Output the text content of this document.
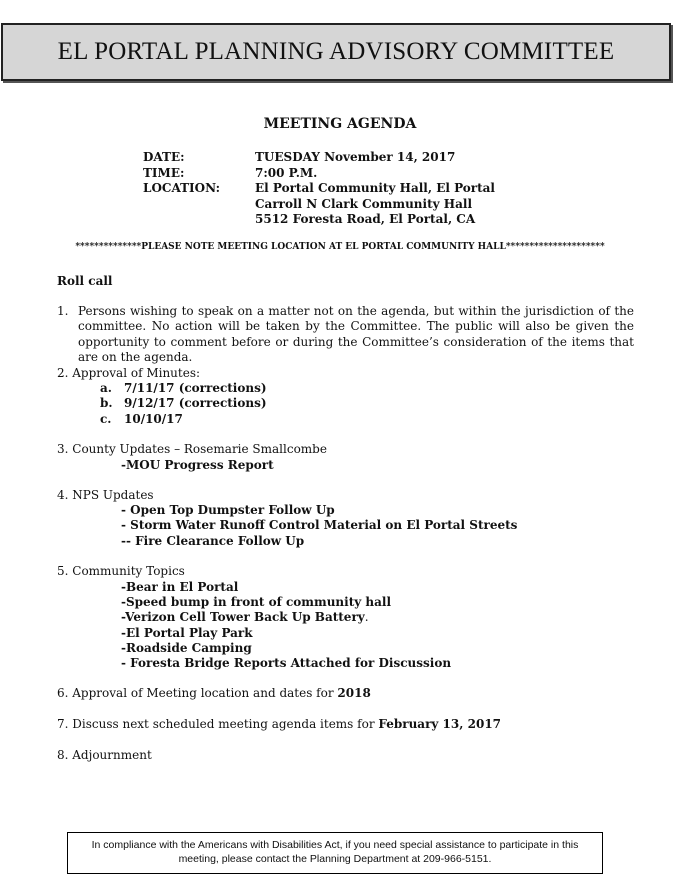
EL PORTAL PLANNING ADVISORY COMMITTEE
MEETING AGENDA
DATE:	TUESDAY November 14, 2017
TIME:	7:00 P.M.
LOCATION:	El Portal Community Hall, El Portal
Carroll N Clark Community Hall
5512 Foresta Road, El Portal, CA
**************PLEASE NOTE MEETING LOCATION AT EL PORTAL COMMUNITY HALL*********************
Roll call
1. Persons wishing to speak on a matter not on the agenda, but within the jurisdiction of the committee. No action will be taken by the Committee. The public will also be given the opportunity to comment before or during the Committee’s consideration of the items that are on the agenda.
2. Approval of Minutes:
a. 7/11/17 (corrections)
b. 9/12/17 (corrections)
c. 10/10/17
3. County Updates – Rosemarie Smallcombe
-MOU Progress Report
4. NPS Updates
- Open Top Dumpster Follow Up
- Storm Water Runoff Control Material on El Portal Streets
-- Fire Clearance Follow Up
5. Community Topics
-Bear in El Portal
-Speed bump in front of community hall
-Verizon Cell Tower Back Up Battery.
-El Portal Play Park
-Roadside Camping
- Foresta Bridge Reports Attached for Discussion
6. Approval of Meeting location and dates for 2018
7. Discuss next scheduled meeting agenda items for February 13, 2017
8. Adjournment
In compliance with the Americans with Disabilities Act, if you need special assistance to participate in this
meeting, please contact the Planning Department at 209-966-5151.
